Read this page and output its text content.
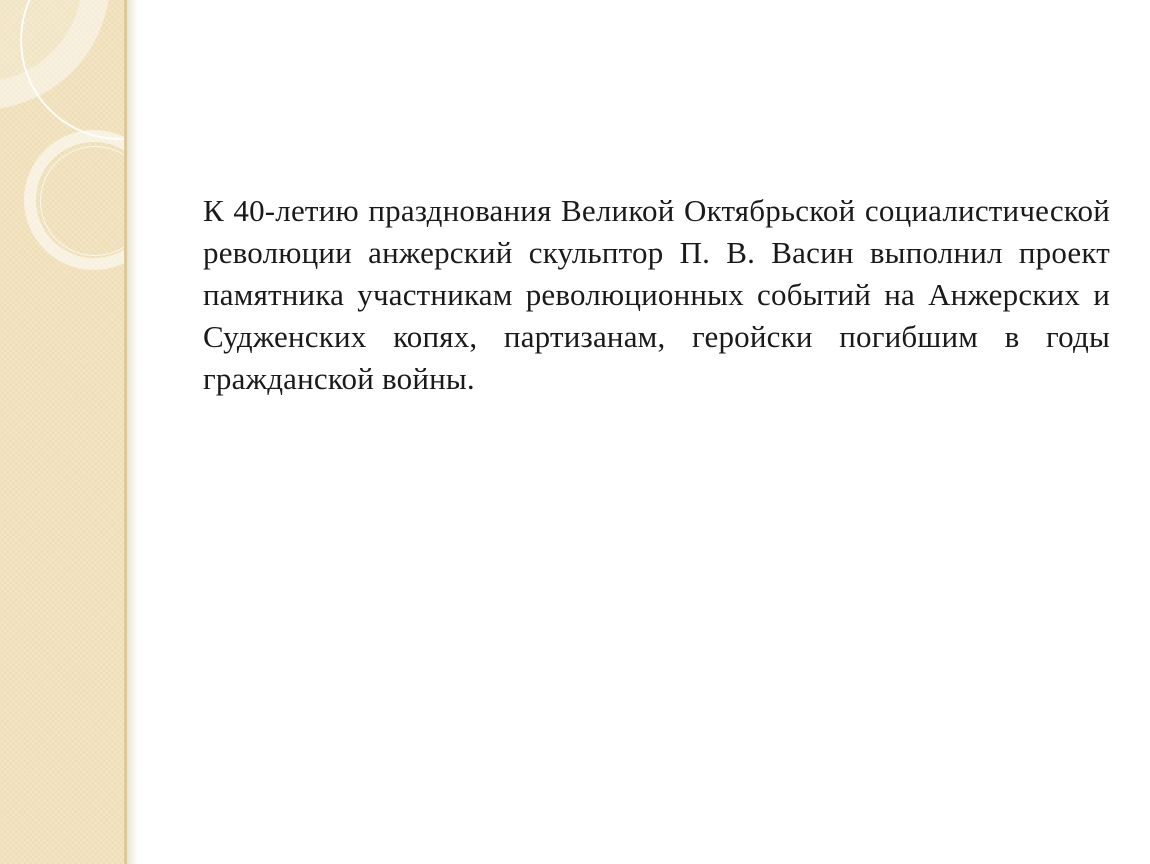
К 40-летию празднования Великой Октябрьской социалистической революции анжерский скульптор П. В. Васин выполнил проект памятника участникам революционных событий на Анжерских и Судженских копях, партизанам, геройски погибшим в годы гражданской войны.
